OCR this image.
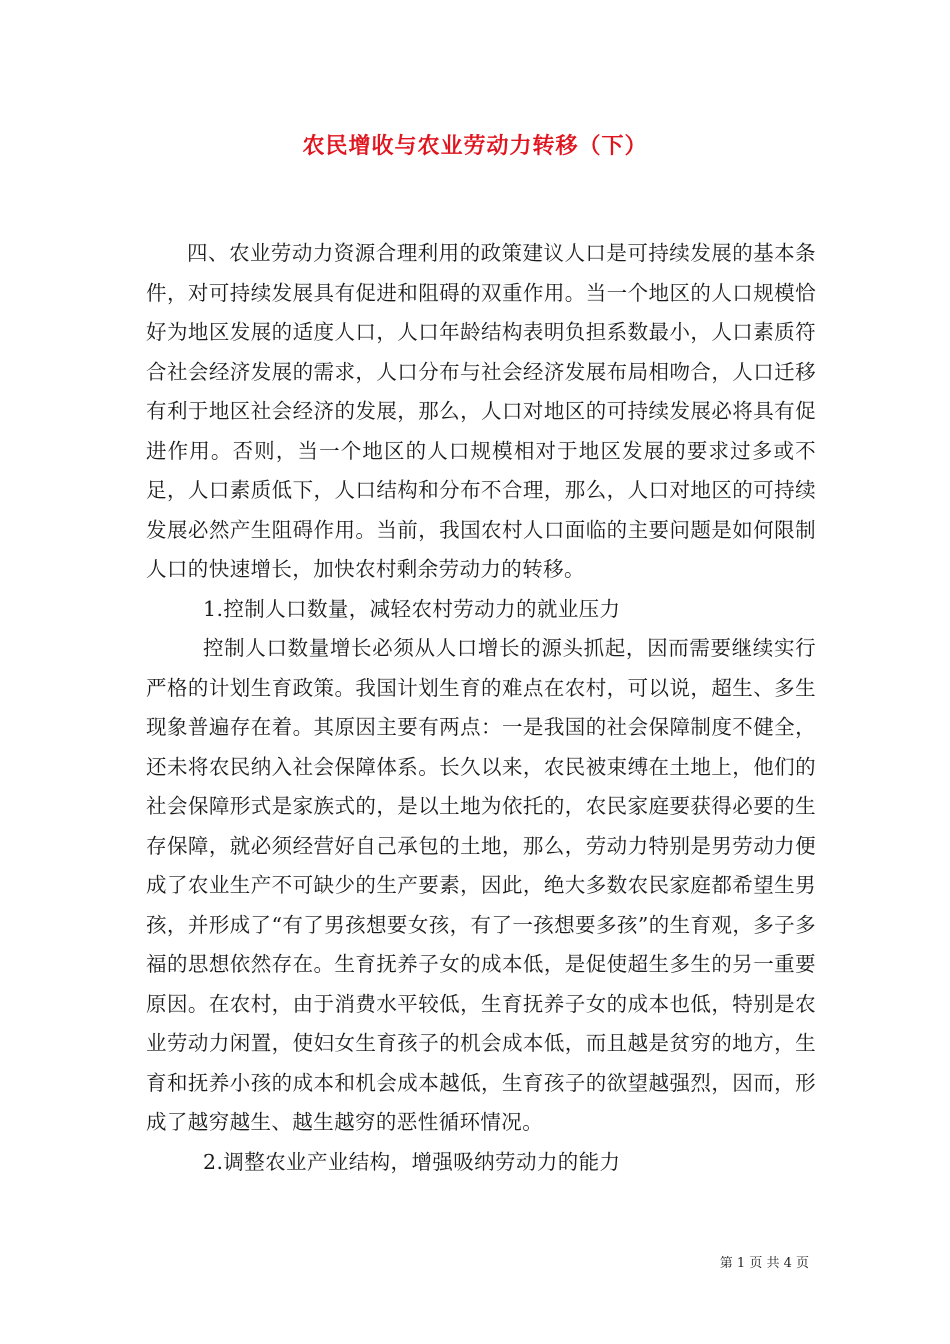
农民增收与农业劳动力转移（下）

四、农业劳动力资源合理利用的政策建议人口是可持续发展的基本条件，对可持续发展具有促进和阻碍的双重作用。当一个地区的人口规模恰好为地区发展的适度人口，人口年龄结构表明负担系数最小，人口素质符合社会经济发展的需求，人口分布与社会经济发展布局相吻合，人口迁移有利于地区社会经济的发展，那么，人口对地区的可持续发展必将具有促进作用。否则，当一个地区的人口规模相对于地区发展的要求过多或不足，人口素质低下，人口结构和分布不合理，那么，人口对地区的可持续发展必然产生阻碍作用。当前，我国农村人口面临的主要问题是如何限制人口的快速增长，加快农村剩余劳动力的转移。

1.控制人口数量，减轻农村劳动力的就业压力

控制人口数量增长必须从人口增长的源头抓起，因而需要继续实行严格的计划生育政策。我国计划生育的难点在农村，可以说，超生、多生现象普遍存在着。其原因主要有两点：一是我国的社会保障制度不健全，还未将农民纳入社会保障体系。长久以来，农民被束缚在土地上，他们的社会保障形式是家族式的，是以土地为依托的，农民家庭要获得必要的生存保障，就必须经营好自己承包的土地，那么，劳动力特别是男劳动力便成了农业生产不可缺少的生产要素，因此，绝大多数农民家庭都希望生男孩，并形成了“有了男孩想要女孩，有了一孩想要多孩”的生育观，多子多福的思想依然存在。生育抚养子女的成本低，是促使超生多生的另一重要原因。在农村，由于消费水平较低，生育抚养子女的成本也低，特别是农业劳动力闲置，使妇女生育孩子的机会成本低，而且越是贫穷的地方，生育和抚养小孩的成本和机会成本越低，生育孩子的欲望越强烈，因而，形成了越穷越生、越生越穷的恶性循环情况。

2.调整农业产业结构，增强吸纳劳动力的能力

第 1 页 共 4 页
